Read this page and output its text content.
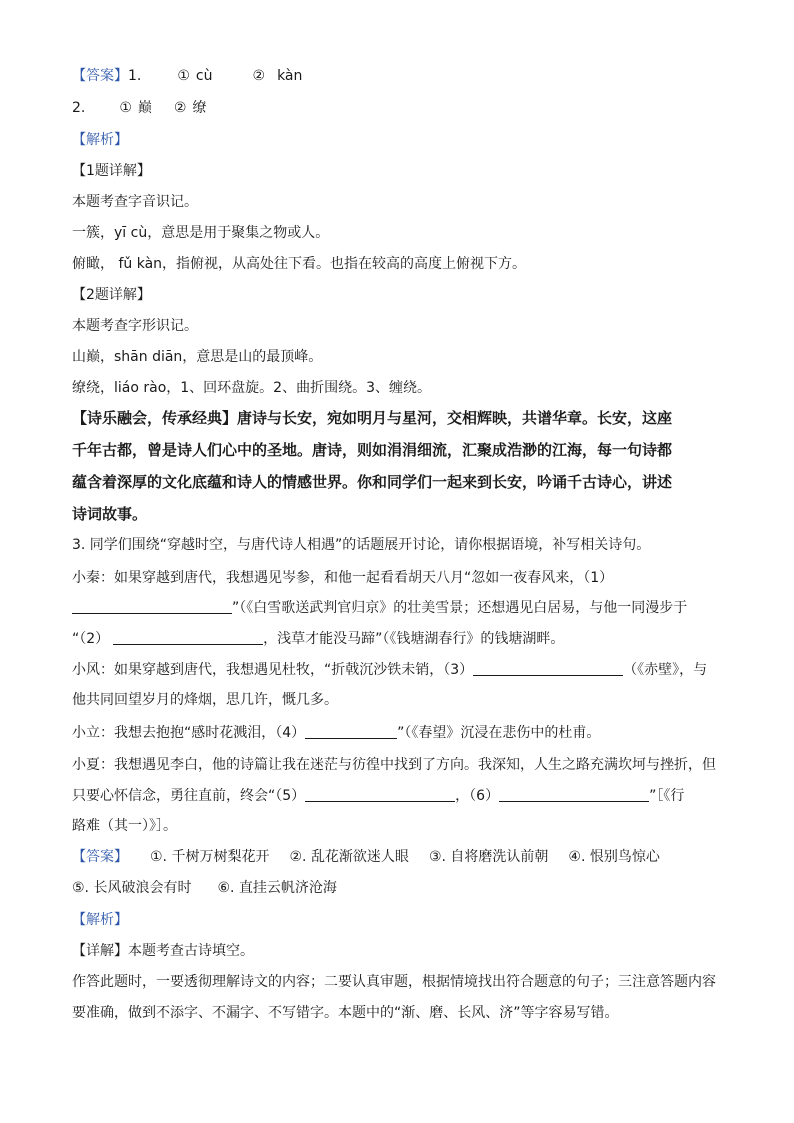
【答案】1.	① cù	② kàn
2. ① 巅 ② 缭
【解析】
【1题详解】
本题考查字音识记。
一簇，yī cù，意思是用于聚集之物或人。
俯瞰， fǔ kàn，指俯视，从高处往下看。也指在较高的高度上俯视下方。
【2题详解】
本题考查字形识记。
山巅，shān diān，意思是山的最顶峰。
缭绕，liáo rào，1、回环盘旋。2、曲折围绕。3、缠绕。
【诗乐融会，传承经典】唐诗与长安，宛如明月与星河，交相辉映，共谱华章。长安，这座
千年古都，曾是诗人们心中的圣地。唐诗，则如涓涓细流，汇聚成浩渺的江海，每一句诗都
蕴含着深厚的文化底蕴和诗人的情感世界。你和同学们一起来到长安，吟诵千古诗心，讲述
诗词故事。
3. 同学们围绕“穿越时空，与唐代诗人相遇”的话题展开讨论，请你根据语境，补写相关诗句。
小秦：如果穿越到唐代，我想遇见岑参，和他一起看看胡天八月“忽如一夜春风来，（1）
”（《白雪歌送武判官归京》的壮美雪景；还想遇见白居易，与他一同漫步于
“（2）	，浅草才能没马蹄”（《钱塘湖春行》的钱塘湖畔。
小风：如果穿越到唐代，我想遇见杜牧，“折戟沉沙铁未销，（3）	（《赤壁》，与
他共同回望岁月的烽烟，思几许，慨几多。
小立：我想去抱抱“感时花溅泪，（4）	”（《春望》沉浸在悲伤中的杜甫。
小夏：我想遇见李白，他的诗篇让我在迷茫与彷徨中找到了方向。我深知，人生之路充满坎坷与挫折，但
只要心怀信念，勇往直前，终会“（5）	，（6）	”［《行
路难（其一）》］。
【答案】 ①. 千树万树梨花开 ②. 乱花渐欲迷人眼 ③. 自将磨洗认前朝 ④. 恨别鸟惊心
⑤. 长风破浪会有时 ⑥. 直挂云帆济沧海
【解析】
【详解】本题考查古诗填空。
作答此题时，一要透彻理解诗文的内容；二要认真审题，根据情境找出符合题意的句子；三注意答题内容
要准确，做到不添字、不漏字、不写错字。本题中的“渐、磨、长风、济”等字容易写错。
